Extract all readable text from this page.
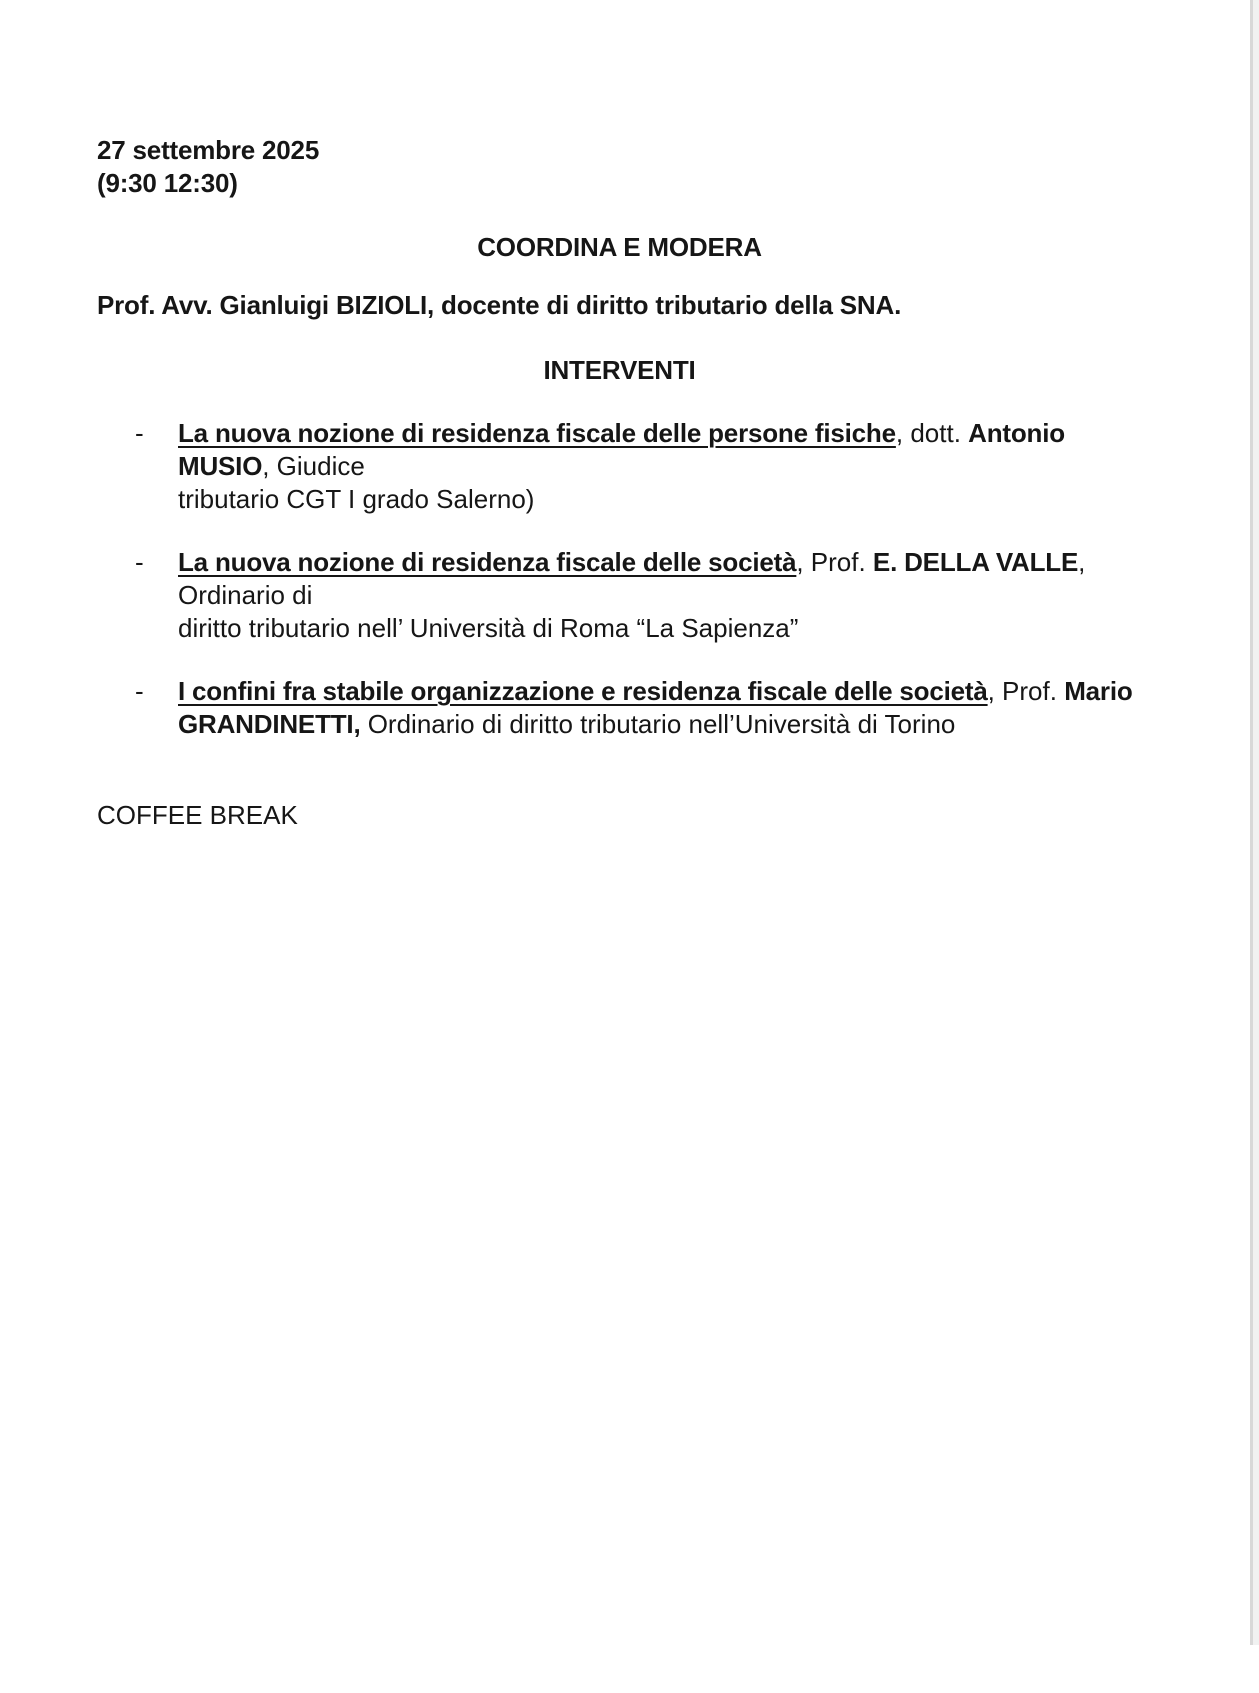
27 settembre 2025
(9:30 12:30)
COORDINA E MODERA
Prof. Avv. Gianluigi BIZIOLI, docente di diritto tributario della SNA.
INTERVENTI
- La nuova nozione di residenza fiscale delle persone fisiche, dott. Antonio MUSIO, Giudice
tributario CGT I grado Salerno)
- La nuova nozione di residenza fiscale delle società, Prof. E. DELLA VALLE, Ordinario di
diritto tributario nell’ Università di Roma “La Sapienza”
- I confini fra stabile organizzazione e residenza fiscale delle società, Prof. Mario
GRANDINETTI, Ordinario di diritto tributario nell’Università di Torino
COFFEE BREAK
